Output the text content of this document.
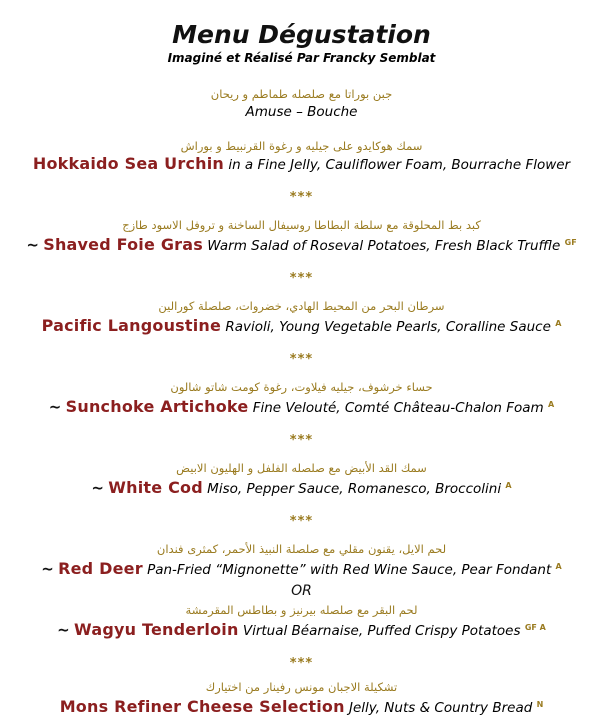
Menu Dégustation
Imaginé et Réalisé Par Francky Semblat
جبن بوراتا مع صلصله طماطم و ريحان
Amuse – Bouche
سمك هوكايدو على جيليه و رغوة القرنبيط و بوراش
Hokkaido Sea Urchin in a Fine Jelly, Cauliflower Foam, Bourrache Flower
***
كبد بط المحلوقة مع سلطة البطاطا روسيفال الساخنة و تروفل الاسود طازج
~ Shaved Foie Gras Warm Salad of Roseval Potatoes, Fresh Black Truffle $^{GF}$
***
سرطان البحر من المحيط الهادي، خضروات، صلصلة كورالين
Pacific Langoustine Ravioli, Young Vegetable Pearls, Coralline Sauce $^A$
***
حساء خرشوف، جيليه فيلاوت، رغوة كومت شاتو شالون
~ Sunchoke Artichoke Fine Velouté, Comté Château-Chalon Foam $^A$
***
سمك القد الأبيض مع صلصله الفلفل و الهليون الابيض
~ White Cod Miso, Pepper Sauce, Romanesco, Broccolini $^A$
***
لحم الايل، يقنون مقلي مع صلصلة النبيذ الأحمر، كمثرى فندان
~ Red Deer Pan-Fried “Mignonette” with Red Wine Sauce, Pear Fondant $^A$
OR
لحم البقر مع صلصله بيرنيز و بطاطس المقرمشة
~ Wagyu Tenderloin Virtual Béarnaise, Puffed Crispy Potatoes $^{GF A}$
***
تشكيلة الاجبان مونس رفينار من اختيارك
Mons Refiner Cheese Selection Jelly, Nuts & Country Bread $^N$
